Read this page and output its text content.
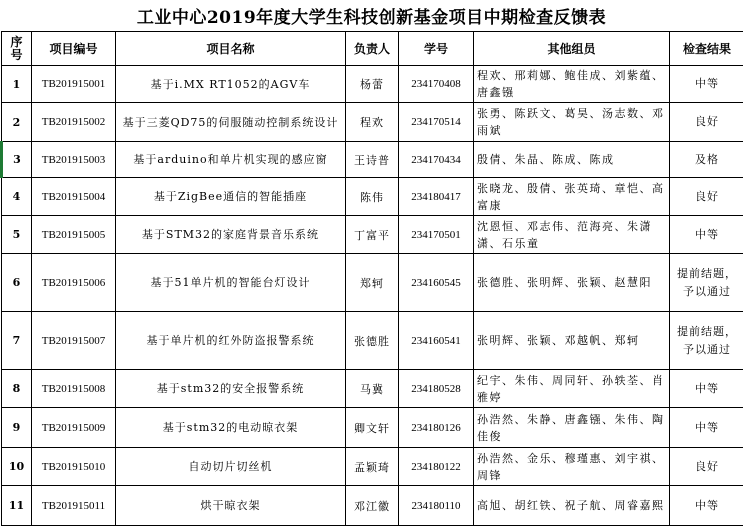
工业中心2019年度大学生科技创新基金项目中期检查反馈表
序号	项目编号	项目名称	负责人	学号	其他组员	检查结果
1	TB201915001	基于i.MX RT1052的AGV车	杨蕾	234170408	程欢、邢莉娜、鲍佳成、刘紫蕴、唐鑫镪	中等
2	TB201915002	基于三菱QD75的伺服随动控制系统设计	程欢	234170514	张勇、陈跃文、葛昊、汤志数、邓雨斌	良好
3	TB201915003	基于arduino和单片机实现的感应窗	王诗普	234170434	殷倩、朱晶、陈成、陈成	及格
4	TB201915004	基于ZigBee通信的智能插座	陈伟	234180417	张晓龙、殷倩、张英琦、章恺、高富康	良好
5	TB201915005	基于STM32的家庭背景音乐系统	丁富平	234170501	沈恩恒、邓志伟、范海亮、朱潇潇、石乐童	中等
6	TB201915006	基于51单片机的智能台灯设计	郑轲	234160545	张德胜、张明辉、张颖、赵慧阳	提前结题，予以通过
7	TB201915007	基于单片机的红外防盗报警系统	张德胜	234160541	张明辉、张颖、邓越帆、郑轲	提前结题，予以通过
8	TB201915008	基于stm32的安全报警系统	马冀	234180528	纪宇、朱伟、周同轩、孙轶荃、肖雅婷	中等
9	TB201915009	基于stm32的电动晾衣架	卿文轩	234180126	孙浩然、朱静、唐鑫镪、朱伟、陶佳俊	中等
10	TB201915010	自动切片切丝机	孟颖琦	234180122	孙浩然、金乐、穆瑾惠、刘宇祺、周锋	良好
11	TB201915011	烘干晾衣架	邓江徽	234180110	高旭、胡红铁、祝子航、周睿嘉熙	中等
